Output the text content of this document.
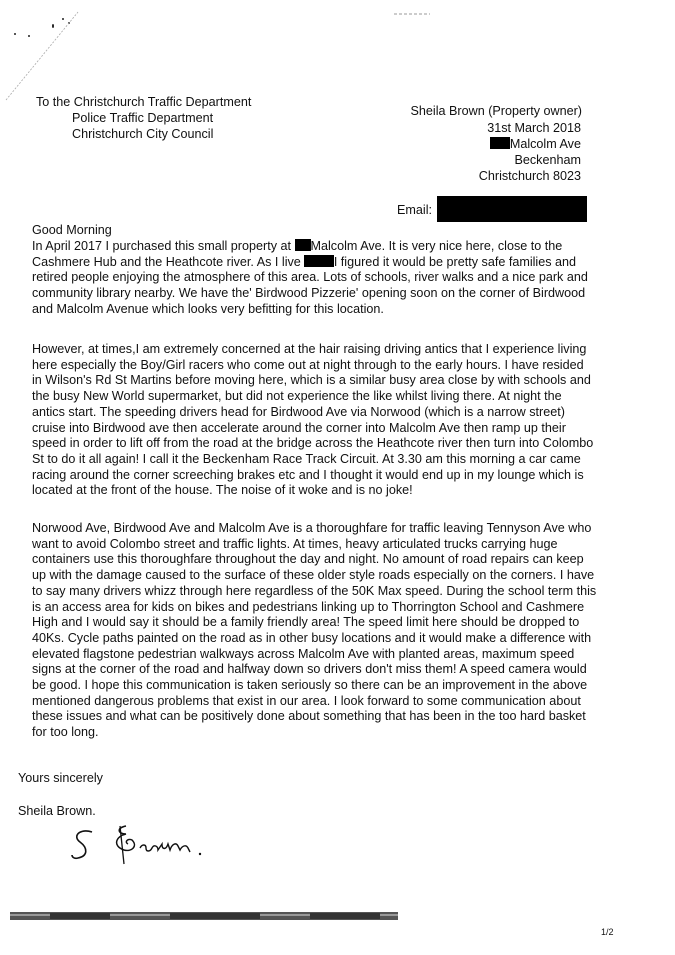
To the Christchurch Traffic Department
Police Traffic Department
Christchurch City Council
Sheila Brown (Property owner)
31st March 2018
Malcolm Ave
Beckenham
Christchurch 8023
Email:
Good Morning
In April 2017 I purchased this small property at Malcolm Ave. It is very nice here, close to the
Cashmere Hub and the Heathcote river. As I live	I figured it would be pretty safe families and
retired people enjoying the atmosphere of this area. Lots of schools, river walks and a nice park and
community library nearby. We have the' Birdwood Pizzerie' opening soon on the corner of Birdwood
and Malcolm Avenue which looks very befitting for this location.
However, at times,I am extremely concerned at the hair raising driving antics that I experience living
here especially the Boy/Girl racers who come out at night through to the early hours. I have resided
in Wilson's Rd St Martins before moving here, which is a similar busy area close by with schools and
the busy New World supermarket, but did not experience the like whilst living there. At night the
antics start. The speeding drivers head for Birdwood Ave via Norwood (which is a narrow street)
cruise into Birdwood ave then accelerate around the corner into Malcolm Ave then ramp up their
speed in order to lift off from the road at the bridge across the Heathcote river then turn into Colombo
St to do it all again! I call it the Beckenham Race Track Circuit. At 3.30 am this morning a car came
racing around the corner screeching brakes etc and I thought it would end up in my lounge which is
located at the front of the house. The noise of it woke and is no joke!
Norwood Ave, Birdwood Ave and Malcolm Ave is a thoroughfare for traffic leaving Tennyson Ave who
want to avoid Colombo street and traffic lights. At times, heavy articulated trucks carrying huge
containers use this thoroughfare throughout the day and night. No amount of road repairs can keep
up with the damage caused to the surface of these older style roads especially on the corners. I have
to say many drivers whizz through here regardless of the 50K Max speed. During the school term this
is an access area for kids on bikes and pedestrians linking up to Thorrington School and Cashmere
High and I would say it should be a family friendly area! The speed limit here should be dropped to
40Ks. Cycle paths painted on the road as in other busy locations and it would make a difference with
elevated flagstone pedestrian walkways across Malcolm Ave with planted areas, maximum speed
signs at the corner of the road and halfway down so drivers don't miss them! A speed camera would
be good. I hope this communication is taken seriously so there can be an improvement in the above
mentioned dangerous problems that exist in our area. I look forward to some communication about
these issues and what can be positively done about something that has been in the too hard basket
for too long.
Yours sincerely
Sheila Brown.
1/2
